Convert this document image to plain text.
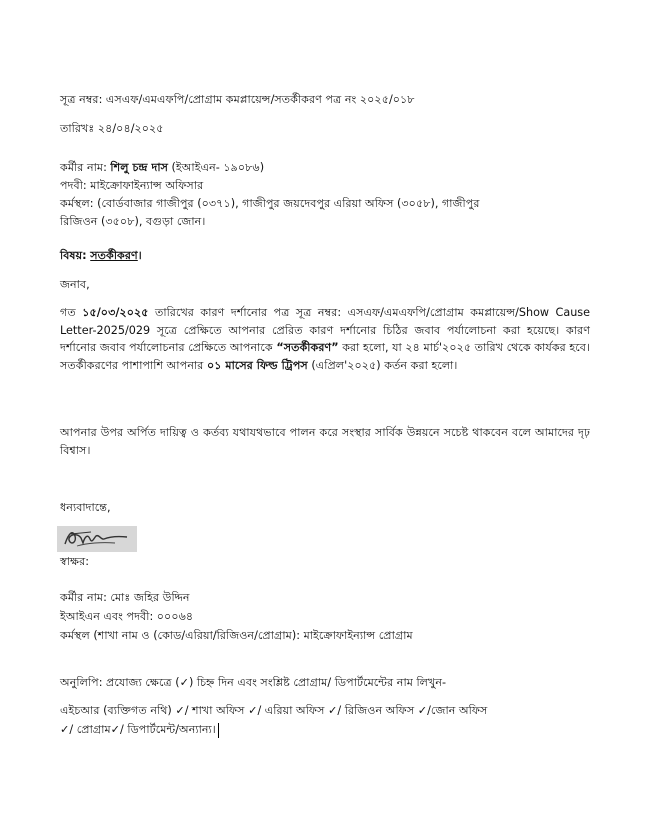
সূত্র নম্বর: এসএফ/এমএফপি/প্রোগ্রাম কমপ্লায়েন্স/সতর্কীকরণ পত্র নং ২০২৫/০১৮
তারিখঃ ২৪/০৪/২০২৫
কর্মীর নাম: শিলু চন্দ্র দাস (ইআইএন- ১৯০৮৬)
পদবী: মাইক্রোফাইন্যান্স অফিসার
কর্মস্থল: (বোর্ডবাজার গাজীপুর (০৩৭১), গাজীপুর জয়দেবপুর এরিয়া অফিস (৩০৫৮), গাজীপুর
রিজিওন (৩৫০৮), বগুড়া জোন।
বিষয়: সতর্কীকরণ।
জনাব,
গত ১৫/০৩/২০২৫ তারিখের কারণ দর্শানোর পত্র সূত্র নম্বর: এসএফ/এমএফপি/প্রোগ্রাম কমপ্লায়েন্স/Show Cause Letter-2025/029 সূত্রে প্রেক্ষিতে আপনার প্রেরিত কারণ দর্শানোর চিঠির জবাব পর্যালোচনা করা হয়েছে। কারণ দর্শানোর জবাব পর্যালোচনার প্রেক্ষিতে আপনাকে “সতর্কীকরণ” করা হলো, যা ২৪ মার্চ'২০২৫ তারিখ থেকে কার্যকর হবে। সতর্কীকরণের পাশাপাশি আপনার ০১ মাসের ফিল্ড ট্রিপস (এপ্রিল'২০২৫) কর্তন করা হলো।
আপনার উপর অর্পিত দায়িত্ব ও কর্তব্য যথাযথভাবে পালন করে সংস্থার সার্বিক উন্নয়নে সচেষ্ট থাকবেন বলে আমাদের দৃঢ় বিশ্বাস।
ধন্যবাদান্তে,
স্বাক্ষর:
কর্মীর নাম: মোঃ জহির উদ্দিন
ইআইএন এবং পদবী: ০০০৬৪
কর্মস্থল (শাখা নাম ও (কোড/এরিয়া/রিজিওন/প্রোগ্রাম): মাইক্রোফাইন্যান্স প্রোগ্রাম
অনুলিপি: প্রযোজ্য ক্ষেত্রে (✓) চিহ্ন দিন এবং সংশ্লিষ্ট প্রোগ্রাম/ ডিপার্টমেন্টের নাম লিখুন-
এইচআর (ব্যক্তিগত নথি) ✓/ শাখা অফিস ✓/ এরিয়া অফিস ✓/ রিজিওন অফিস ✓/জোন অফিস
✓/ প্রোগ্রাম✓/ ডিপার্টমেন্ট/অন্যান্য।
